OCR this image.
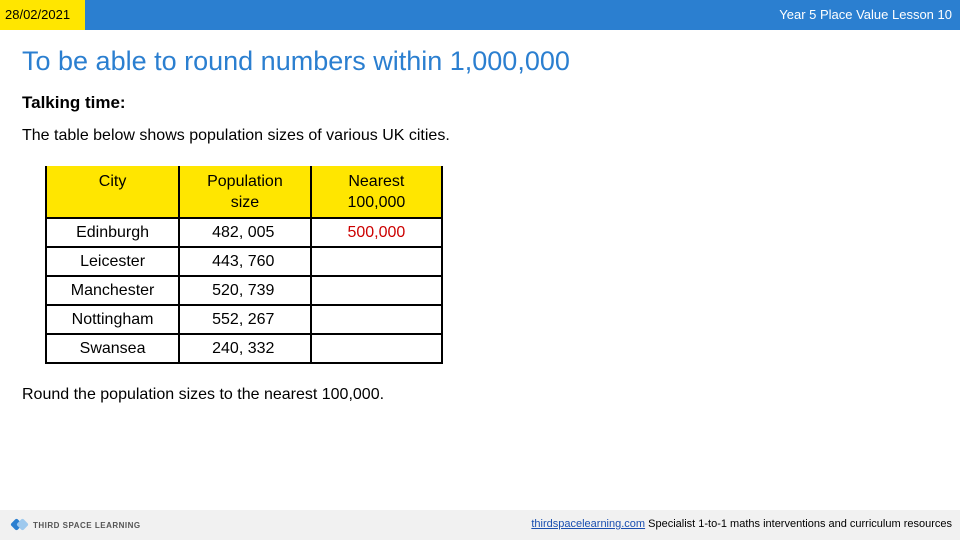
28/02/2021	Year 5 Place Value Lesson 10
To be able to round numbers within 1,000,000
Talking time:
The table below shows population sizes of various UK cities.
City	Population size	Nearest 100,000
Edinburgh	482, 005	500,000
Leicester	443, 760	
Manchester	520, 739	
Nottingham	552, 267	
Swansea	240, 332	
Round the population sizes to the nearest 100,000.
THIRD SPACE LEARNING	thirdspacelearning.com Specialist 1-to-1 maths interventions and curriculum resources
